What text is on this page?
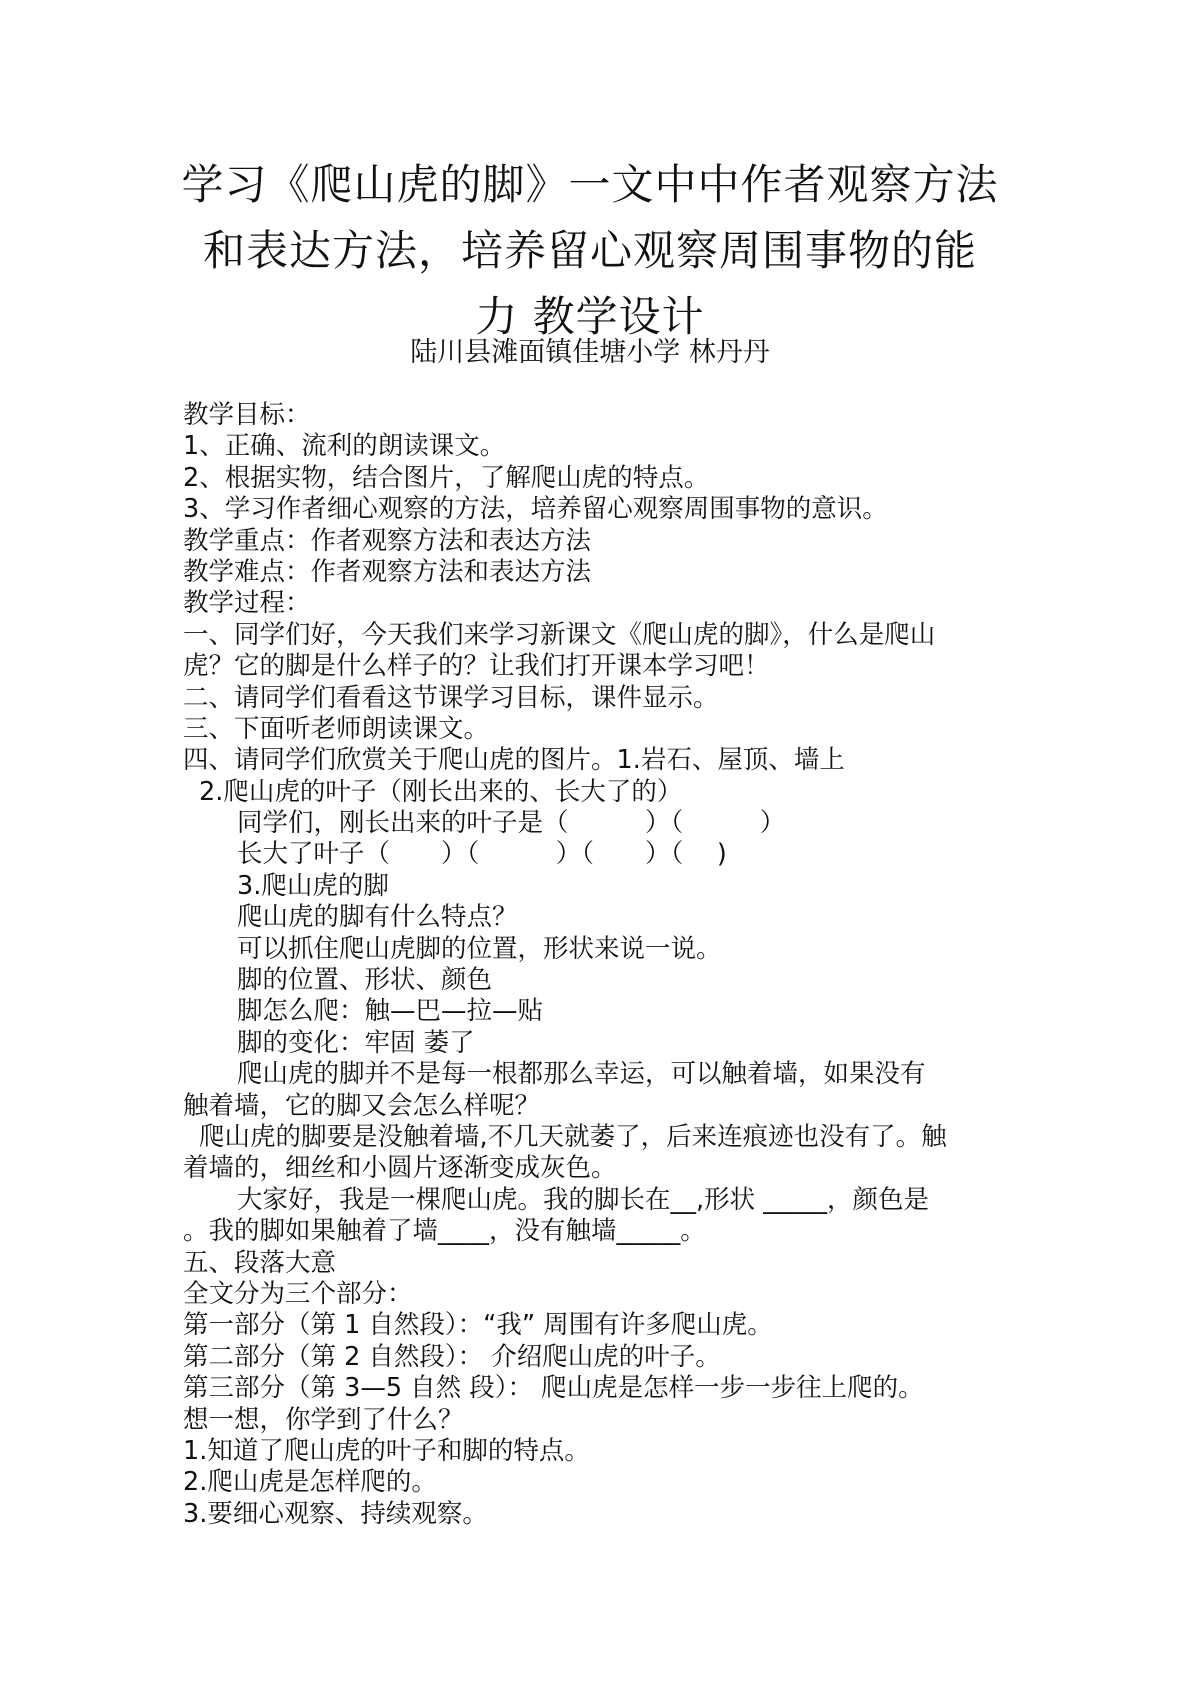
学习《爬山虎的脚》一文中中作者观察方法
和表达方法，培养留心观察周围事物的能
力 教学设计
陆川县滩面镇佳塘小学 林丹丹
教学目标：
1、正确、流利的朗读课文。
2、根据实物，结合图片，了解爬山虎的特点。
3、学习作者细心观察的方法，培养留心观察周围事物的意识。
教学重点：作者观察方法和表达方法
教学难点：作者观察方法和表达方法
教学过程：
一、同学们好，今天我们来学习新课文《爬山虎的脚》，什么是爬山
虎？它的脚是什么样子的？让我们打开课本学习吧！
二、请同学们看看这节课学习目标，课件显示。
三、下面听老师朗读课文。
四、请同学们欣赏关于爬山虎的图片。1.岩石、屋顶、墙上
2.爬山虎的叶子（刚长出来的、长大了的）
同学们，刚长出来的叶子是（　　　）（　　　）
长大了叶子（　　）（　　　）（　　）（　 )
3.爬山虎的脚
爬山虎的脚有什么特点？
可以抓住爬山虎脚的位置，形状来说一说。
脚的位置、形状、颜色
脚怎么爬：触—巴—拉—贴
脚的变化：牢固 萎了
爬山虎的脚并不是每一根都那么幸运，可以触着墙，如果没有
触着墙，它的脚又会怎么样呢？
爬山虎的脚要是没触着墙,不几天就萎了，后来连痕迹也没有了。触
着墙的，细丝和小圆片逐渐变成灰色。
大家好，我是一棵爬山虎。我的脚长在__,形状 _____，颜色是
。我的脚如果触着了墙____，没有触墙_____。
五、段落大意
全文分为三个部分：
第一部分（第 1 自然段）：“我” 周围有许多爬山虎。
第二部分（第 2 自然段）： 介绍爬山虎的叶子。
第三部分（第 3—5 自然 段）： 爬山虎是怎样一步一步往上爬的。
想一想，你学到了什么？
1.知道了爬山虎的叶子和脚的特点。
2.爬山虎是怎样爬的。
3.要细心观察、持续观察。
